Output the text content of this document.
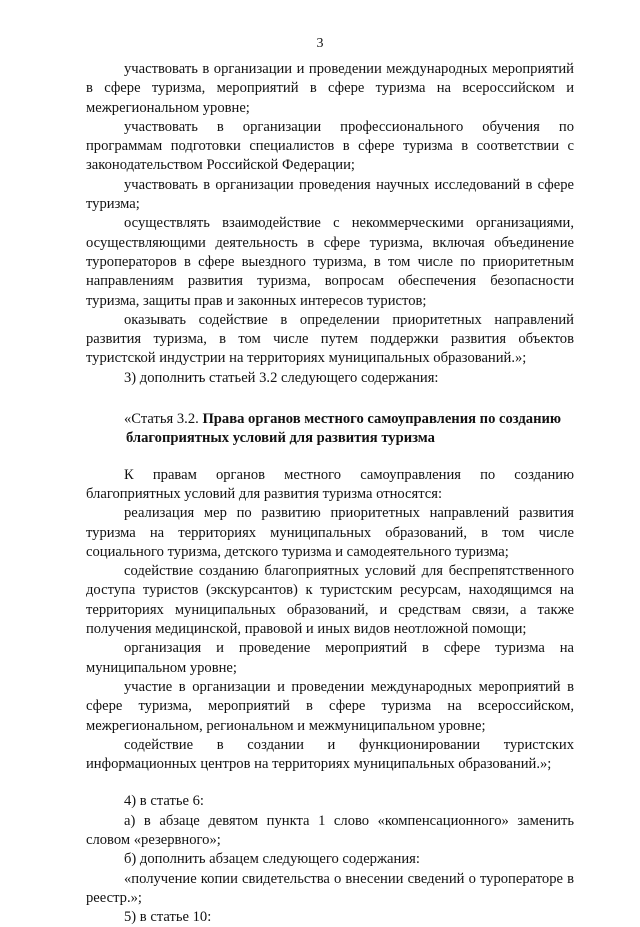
3

участвовать в организации и проведении международных мероприятий в сфере туризма, мероприятий в сфере туризма на всероссийском и межрегиональном уровне;

участвовать в организации профессионального обучения по программам подготовки специалистов в сфере туризма в соответствии с законодательством Российской Федерации;

участвовать в организации проведения научных исследований в сфере туризма;

осуществлять взаимодействие с некоммерческими организациями, осуществляющими деятельность в сфере туризма, включая объединение туроператоров в сфере выездного туризма, в том числе по приоритетным направлениям развития туризма, вопросам обеспечения безопасности туризма, защиты прав и законных интересов туристов;

оказывать содействие в определении приоритетных направлений развития туризма, в том числе путем поддержки развития объектов туристской индустрии на территориях муниципальных образований.»;

3) дополнить статьей 3.2 следующего содержания:

«Статья 3.2. Права органов местного самоуправления по созданию
благоприятных условий для развития туризма

К правам органов местного самоуправления по созданию благоприятных условий для развития туризма относятся:

реализация мер по развитию приоритетных направлений развития туризма на территориях муниципальных образований, в том числе социального туризма, детского туризма и самодеятельного туризма;

содействие созданию благоприятных условий для беспрепятственного доступа туристов (экскурсантов) к туристским ресурсам, находящимся на территориях муниципальных образований, и средствам связи, а также получения медицинской, правовой и иных видов неотложной помощи;

организация и проведение мероприятий в сфере туризма на муниципальном уровне;

участие в организации и проведении международных мероприятий в сфере туризма, мероприятий в сфере туризма на всероссийском, межрегиональном, региональном и межмуниципальном уровне;

содействие в создании и функционировании туристских информационных центров на территориях муниципальных образований.»;

4) в статье 6:

а) в абзаце девятом пункта 1 слово «компенсационного» заменить словом «резервного»;

б) дополнить абзацем следующего содержания:

«получение копии свидетельства о внесении сведений о туроператоре в реестр.»;

5) в статье 10:
